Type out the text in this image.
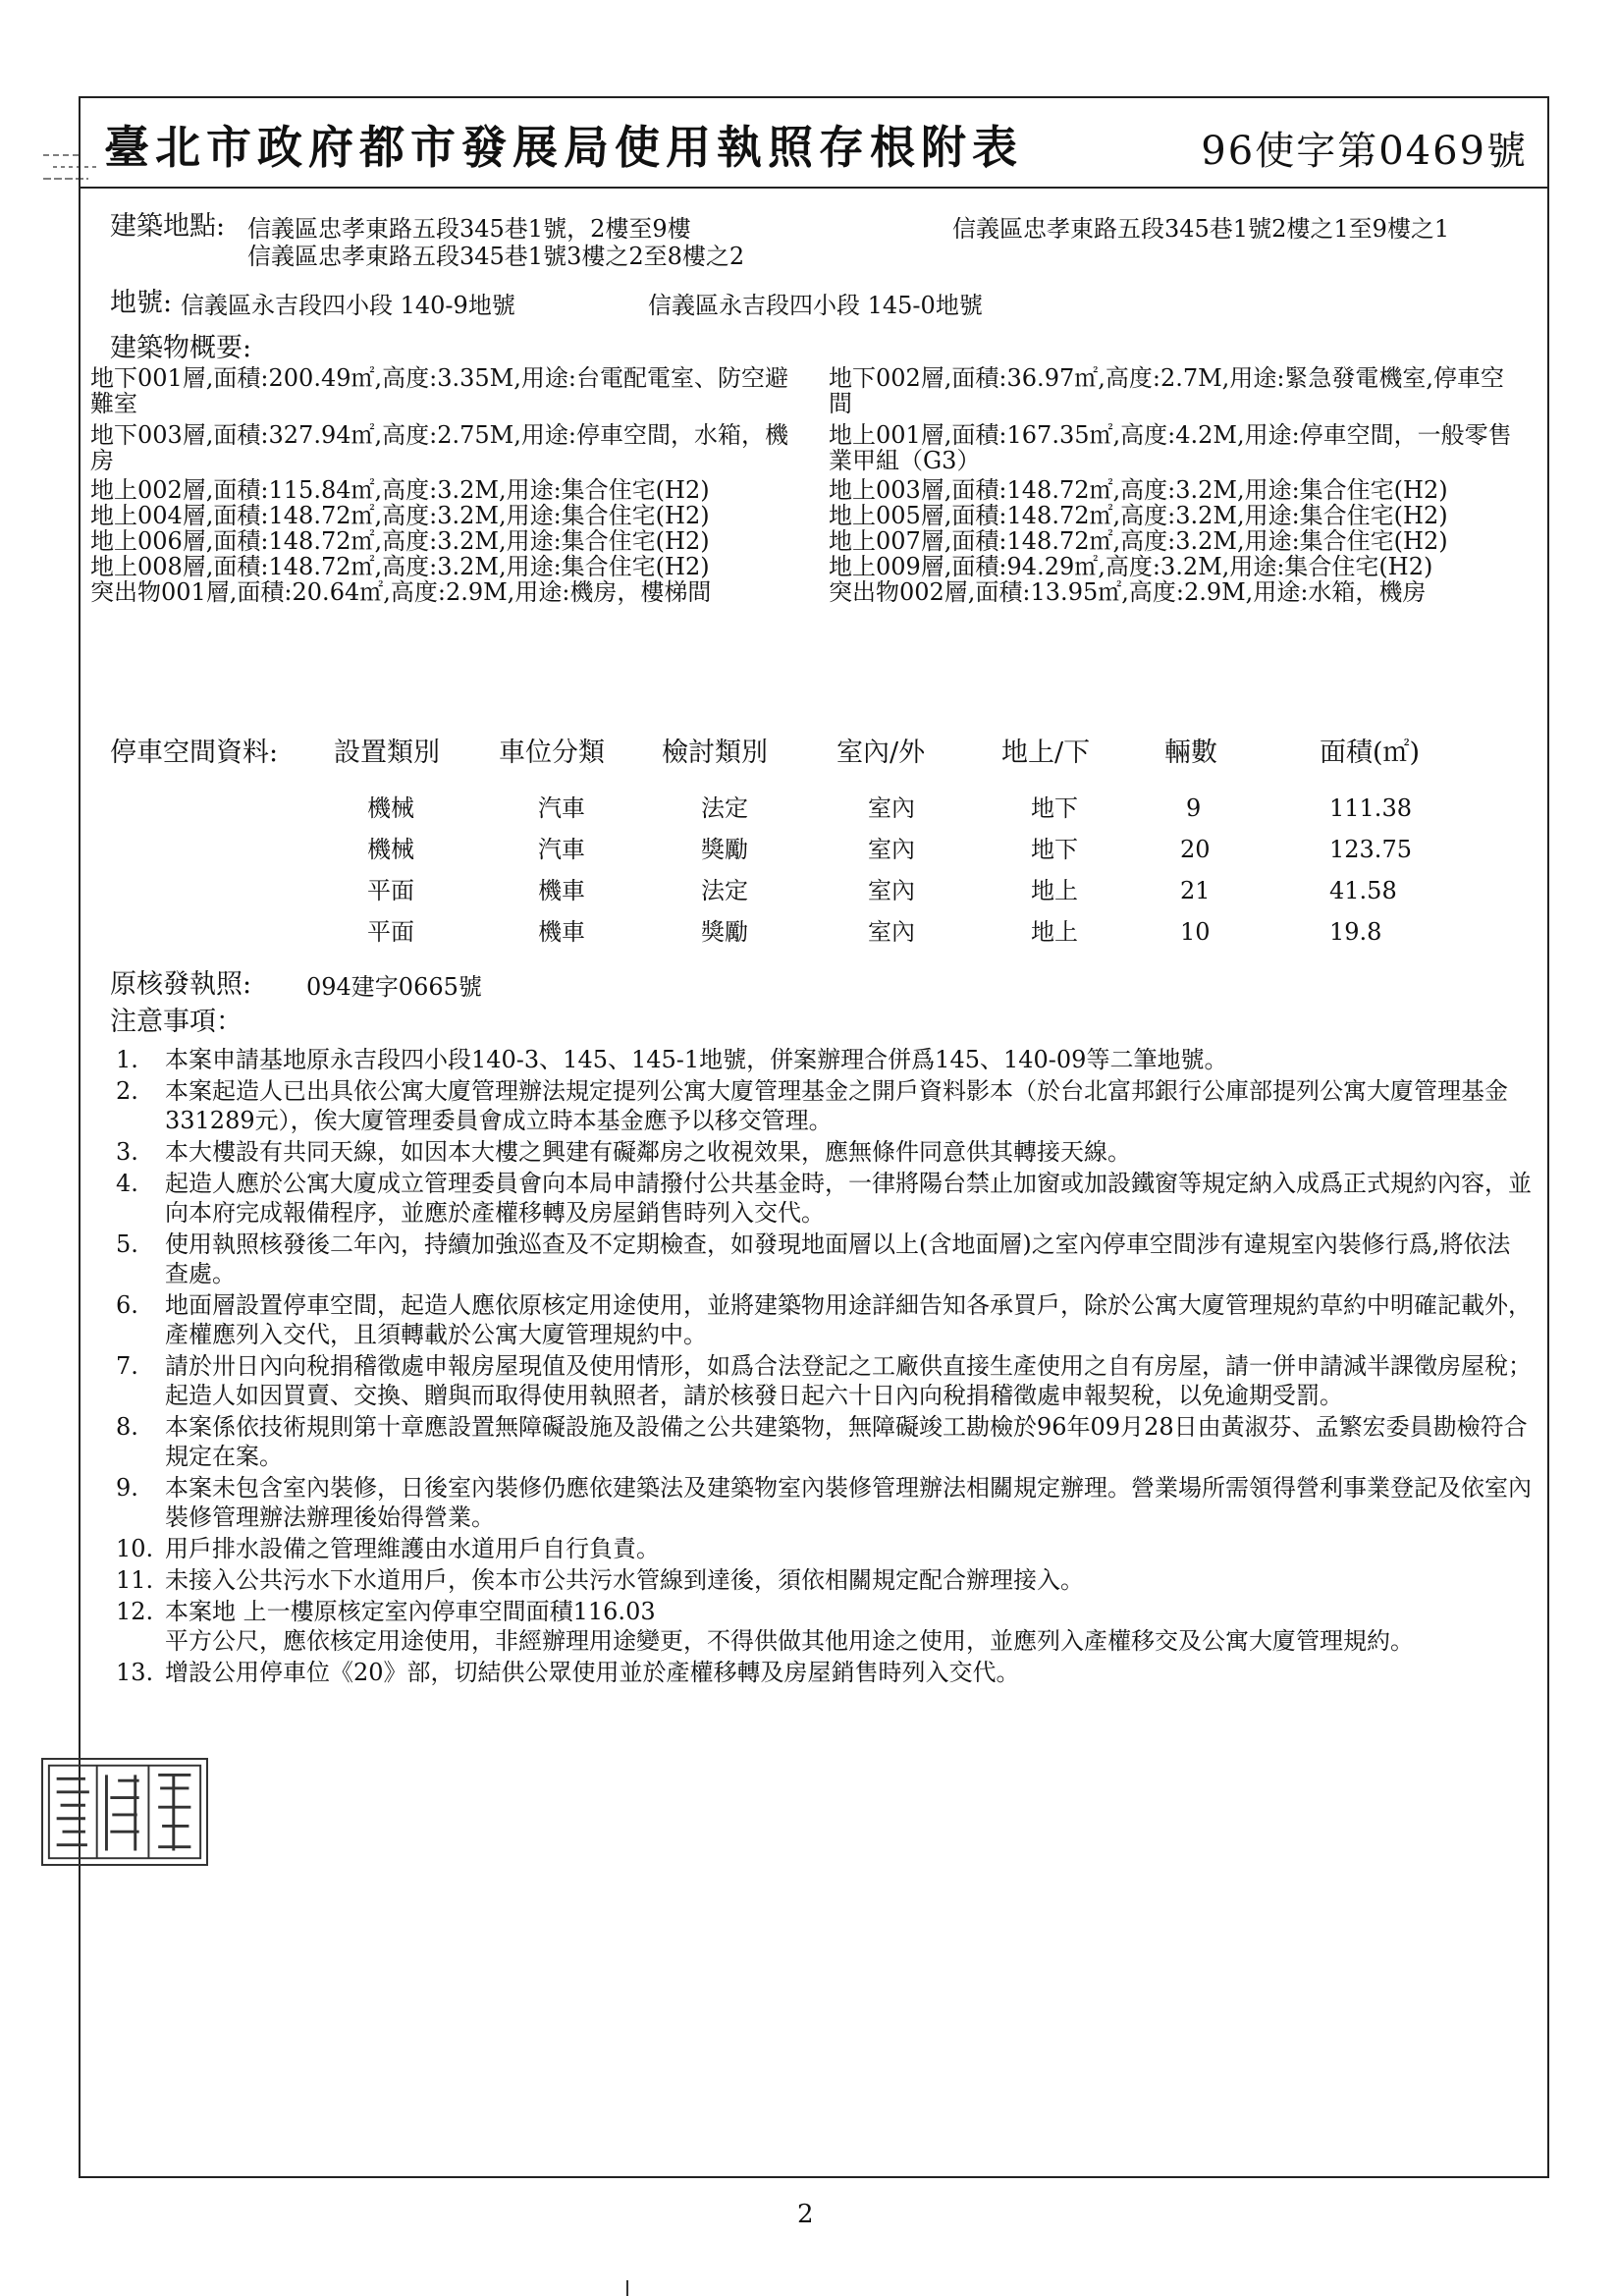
臺北市政府都市發展局使用執照存根附表	96使字第0469號
建築地點: 信義區忠孝東路五段345巷1號，2樓至9樓	信義區忠孝東路五段345巷1號2樓之1至9樓之1
信義區忠孝東路五段345巷1號3樓之2至8樓之2
地號: 信義區永吉段四小段 140-9地號	信義區永吉段四小段 145-0地號
建築物概要:
地下001層,面積:200.49㎡,高度:3.35M,用途:台電配電室、防空避難室
地下003層,面積:327.94㎡,高度:2.75M,用途:停車空間，水箱，機房
地上002層,面積:115.84㎡,高度:3.2M,用途:集合住宅(H2)
地上004層,面積:148.72㎡,高度:3.2M,用途:集合住宅(H2)
地上006層,面積:148.72㎡,高度:3.2M,用途:集合住宅(H2)
地上008層,面積:148.72㎡,高度:3.2M,用途:集合住宅(H2)
突出物001層,面積:20.64㎡,高度:2.9M,用途:機房，樓梯間
地下002層,面積:36.97㎡,高度:2.7M,用途:緊急發電機室,停車空間
地上001層,面積:167.35㎡,高度:4.2M,用途:停車空間，一般零售業甲組（G3）
地上003層,面積:148.72㎡,高度:3.2M,用途:集合住宅(H2)
地上005層,面積:148.72㎡,高度:3.2M,用途:集合住宅(H2)
地上007層,面積:148.72㎡,高度:3.2M,用途:集合住宅(H2)
地上009層,面積:94.29㎡,高度:3.2M,用途:集合住宅(H2)
突出物002層,面積:13.95㎡,高度:2.9M,用途:水箱，機房
停車空間資料: 設置類別 車位分類 檢討類別	室內/外	地上/下	輛數	面積(㎡)
機械	汽車	法定	室內	地下	9	111.38
機械	汽車	獎勵	室內	地下	20	123.75
平面	機車	法定	室內	地上	21	41.58
平面	機車	獎勵	室內	地上	10	19.8
原核發執照: 094建字0665號
注意事項：
1. 本案申請基地原永吉段四小段140-3、145、145-1地號，併案辦理合併爲145、140-09等二筆地號。
2. 本案起造人已出具依公寓大廈管理辦法規定提列公寓大廈管理基金之開戶資料影本（於台北富邦銀行公庫部提列公寓大廈管理基金331289元），俟大廈管理委員會成立時本基金應予以移交管理。
3. 本大樓設有共同天線，如因本大樓之興建有礙鄰房之收視效果，應無條件同意供其轉接天線。
4. 起造人應於公寓大廈成立管理委員會向本局申請撥付公共基金時，一律將陽台禁止加窗或加設鐵窗等規定納入成爲正式規約內容，並向本府完成報備程序，並應於產權移轉及房屋銷售時列入交代。
5. 使用執照核發後二年內，持續加強巡查及不定期檢查，如發現地面層以上(含地面層)之室內停車空間涉有違規室內裝修行爲,將依法查處。
6. 地面層設置停車空間，起造人應依原核定用途使用，並將建築物用途詳細告知各承買戶，除於公寓大廈管理規約草約中明確記載外，產權應列入交代，且須轉載於公寓大廈管理規約中。
7. 請於卅日內向稅捐稽徵處申報房屋現值及使用情形，如爲合法登記之工廠供直接生產使用之自有房屋，請一併申請減半課徵房屋稅；起造人如因買賣、交換、贈與而取得使用執照者，請於核發日起六十日內向稅捐稽徵處申報契稅，以免逾期受罰。
8. 本案係依技術規則第十章應設置無障礙設施及設備之公共建築物，無障礙竣工勘檢於96年09月28日由黃淑芬、孟繁宏委員勘檢符合規定在案。
9. 本案未包含室內裝修，日後室內裝修仍應依建築法及建築物室內裝修管理辦法相關規定辦理。營業場所需領得營利事業登記及依室內裝修管理辦法辦理後始得營業。
10. 用戶排水設備之管理維護由水道用戶自行負責。
11. 未接入公共污水下水道用戶，俟本市公共污水管線到達後，須依相關規定配合辦理接入。
12. 本案地 上一樓原核定室內停車空間面積116.03
平方公尺，應依核定用途使用，非經辦理用途變更，不得供做其他用途之使用，並應列入產權移交及公寓大廈管理規約。
13. 增設公用停車位《20》部，切結供公眾使用並於產權移轉及房屋銷售時列入交代。
2
